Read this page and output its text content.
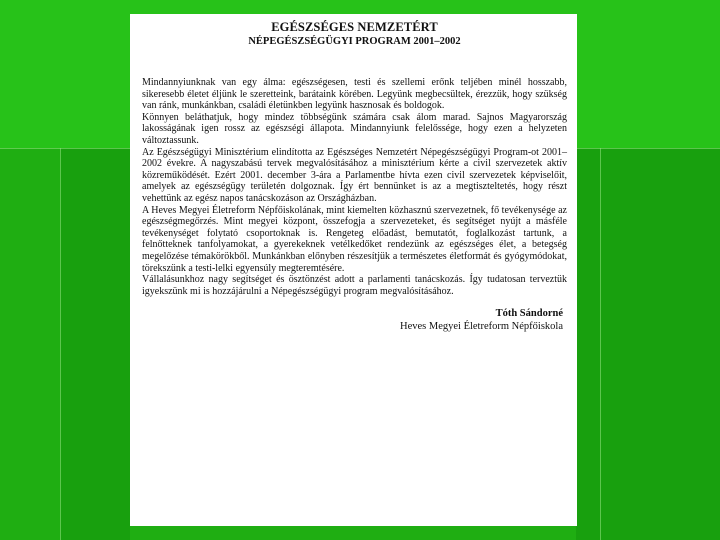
EGÉSZSÉGES NEMZETÉRT

NÉPEGÉSZSÉGÜGYI PROGRAM 2001–2002

Mindannyiunknak van egy álma: egészségesen, testi és szellemi erőnk teljében minél hosszabb, sikeresebb életet éljünk le szeretteink, barátaink körében. Legyünk megbecsültek, érezzük, hogy szükség van ránk, munkánkban, családi életünkben legyünk hasznosak és boldogok.

Könnyen beláthatjuk, hogy mindez többségünk számára csak álom marad. Sajnos Magyarország lakosságának igen rossz az egészségi állapota. Mindannyiunk felelőssége, hogy ezen a helyzeten változtassunk.

Az Egészségügyi Minisztérium elindította az Egészséges Nemzetért Népegészségügyi Program-ot 2001–2002 évekre. A nagyszabású tervek megvalósításához a minisztérium kérte a civil szervezetek aktív közreműködését. Ezért 2001. december 3-ára a Parlamentbe hívta ezen civil szervezetek képviselőit, amelyek az egészségügy területén dolgoznak. Így ért bennünket is az a megtiszteltetés, hogy részt vehettünk az egész napos tanácskozáson az Országházban.

A Heves Megyei Életreform Népfőiskolának, mint kiemelten közhasznú szervezetnek, fő tevékenysége az egészségmegőrzés. Mint megyei központ, összefogja a szervezeteket, és segítséget nyújt a másféle tevékenységet folytató csoportoknak is. Rengeteg előadást, bemutatót, foglalkozást tartunk, a felnőtteknek tanfolyamokat, a gyerekeknek vetélkedőket rendezünk az egészséges élet, a betegség megelőzése témakörökből. Munkánkban előnyben részesítjük a természetes életformát és gyógymódokat, törekszünk a testi-lelki egyensúly megteremtésére.

Vállalásunkhoz nagy segítséget és ösztönzést adott a parlamenti tanácskozás. Így tudatosan terveztük igyekszünk mi is hozzájárulni a Népegészségügyi program megvalósításához.

Tóth Sándorné
Heves Megyei Életreform Népfőiskola
